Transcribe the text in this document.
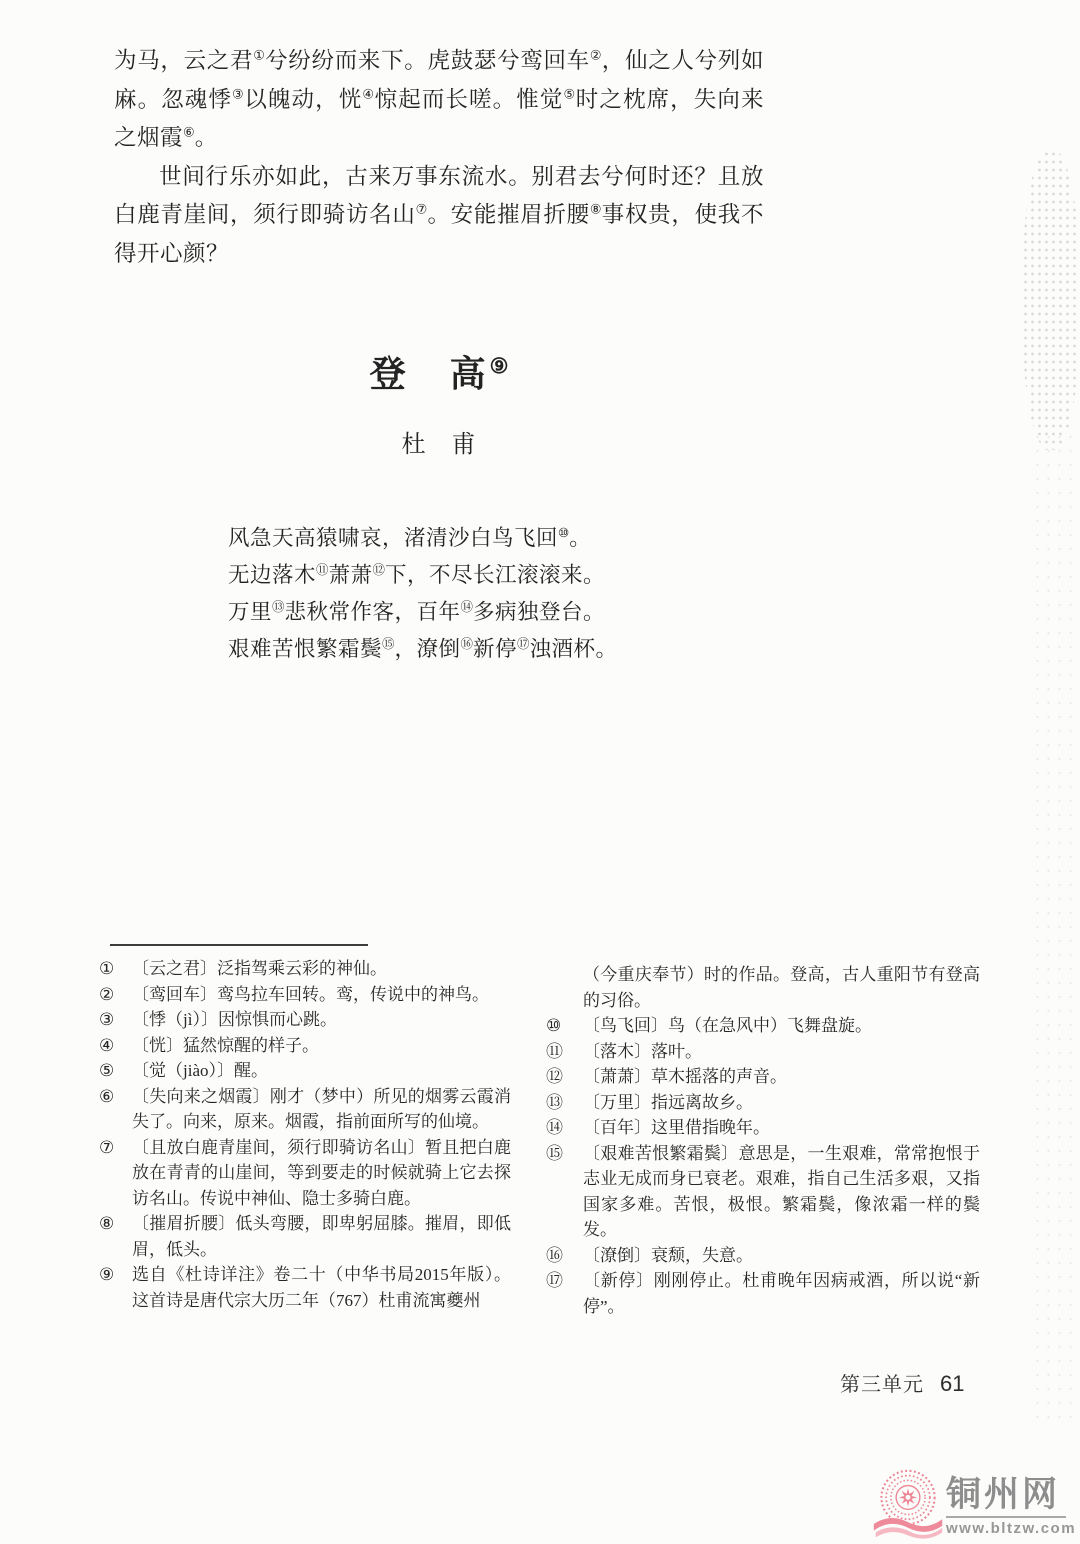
为马，云之君①兮纷纷而来下。虎鼓瑟兮鸾回车②，仙之人兮列如麻。忽魂悸③以魄动，恍④惊起而长嗟。惟觉⑤时之枕席，失向来之烟霞⑥。

世间行乐亦如此，古来万事东流水。别君去兮何时还？且放白鹿青崖间，须行即骑访名山⑦。安能摧眉折腰⑧事权贵，使我不得开心颜？

登　高⑨
杜　甫
风急天高猿啸哀，渚清沙白鸟飞回⑩。
无边落木⑪萧萧⑫下，不尽长江滚滚来。
万里⑬悲秋常作客，百年⑭多病独登台。
艰难苦恨繁霜鬓⑮，潦倒⑯新停⑰浊酒杯。
①	〔云之君〕泛指驾乘云彩的神仙。
②	〔鸾回车〕鸾鸟拉车回转。鸾，传说中的神鸟。
③	〔悸（jì）〕因惊惧而心跳。
④	〔恍〕猛然惊醒的样子。
⑤	〔觉（jiào）〕醒。
⑥	〔失向来之烟霞〕刚才（梦中）所见的烟雾云霞消失了。向来，原来。烟霞，指前面所写的仙境。
⑦	〔且放白鹿青崖间，须行即骑访名山〕暂且把白鹿放在青青的山崖间，等到要走的时候就骑上它去探访名山。传说中神仙、隐士多骑白鹿。
⑧	〔摧眉折腰〕低头弯腰，即卑躬屈膝。摧眉，即低眉，低头。
⑨	选自《杜诗详注》卷二十（中华书局2015年版）。这首诗是唐代宗大历二年（767）杜甫流寓夔州

（今重庆奉节）时的作品。登高，古人重阳节有登高的习俗。

⑩	〔鸟飞回〕鸟（在急风中）飞舞盘旋。
⑪	〔落木〕落叶。
⑫	〔萧萧〕草木摇落的声音。
⑬	〔万里〕指远离故乡。
⑭	〔百年〕这里借指晚年。
⑮	〔艰难苦恨繁霜鬓〕意思是，一生艰难，常常抱恨于志业无成而身已衰老。艰难，指自己生活多艰，又指国家多难。苦恨，极恨。繁霜鬓，像浓霜一样的鬓发。
⑯	〔潦倒〕衰颓，失意。
⑰	〔新停〕刚刚停止。杜甫晚年因病戒酒，所以说“新停”。
第三单元 61
铜州网
www.bltzw.com
